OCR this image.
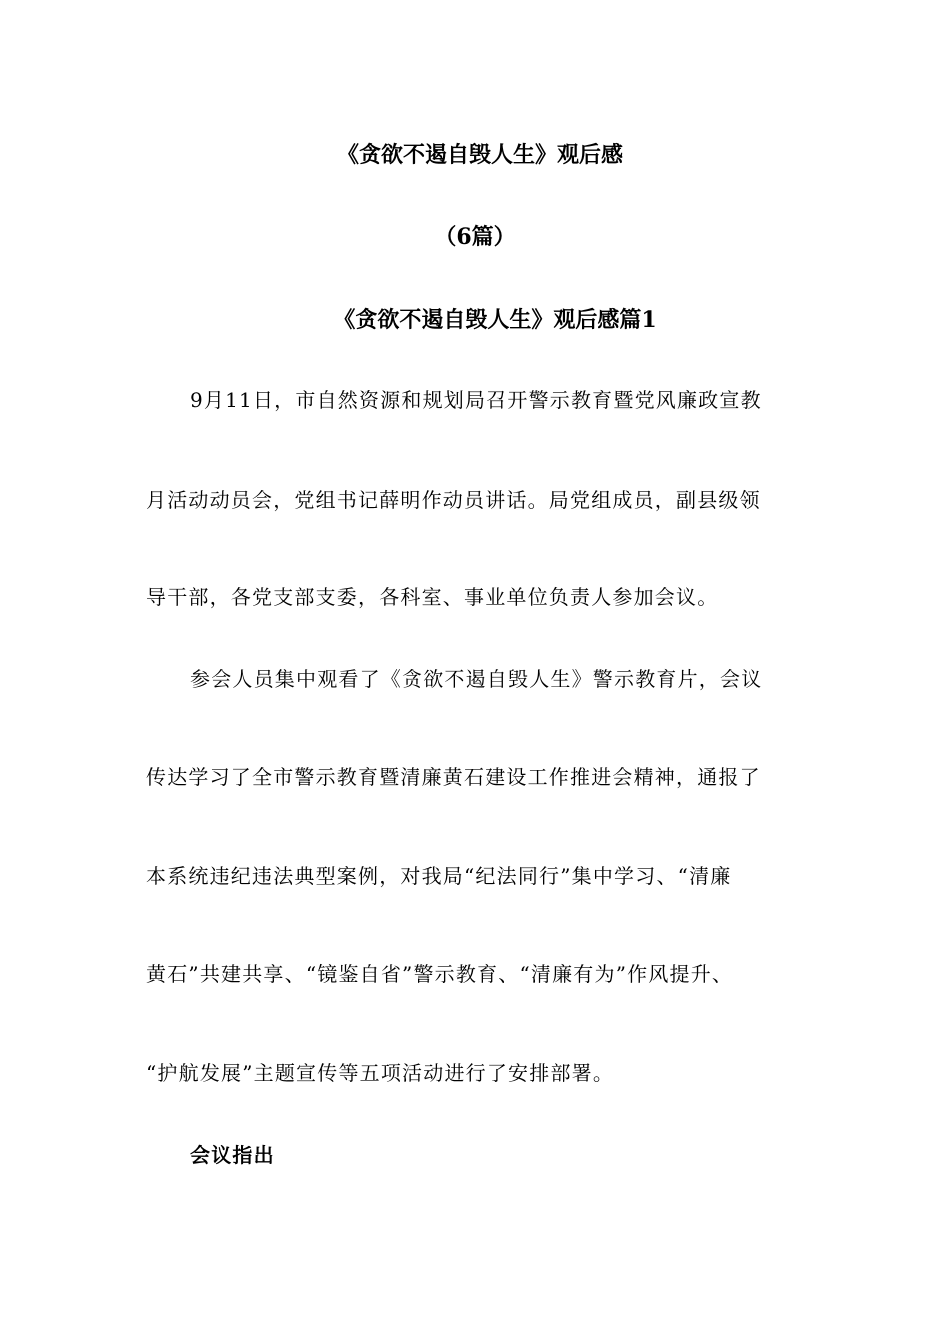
《贪欲不遏自毁人生》观后感
（6篇）
《贪欲不遏自毁人生》观后感篇1
9月11日，市自然资源和规划局召开警示教育暨党风廉政宣教
月活动动员会，党组书记薛明作动员讲话。局党组成员，副县级领
导干部，各党支部支委，各科室、事业单位负责人参加会议。
参会人员集中观看了《贪欲不遏自毁人生》警示教育片，会议
传达学习了全市警示教育暨清廉黄石建设工作推进会精神，通报了
本系统违纪违法典型案例，对我局“纪法同行”集中学习、“清廉
黄石”共建共享、“镜鉴自省”警示教育、“清廉有为”作风提升、
“护航发展”主题宣传等五项活动进行了安排部署。
会议指出
